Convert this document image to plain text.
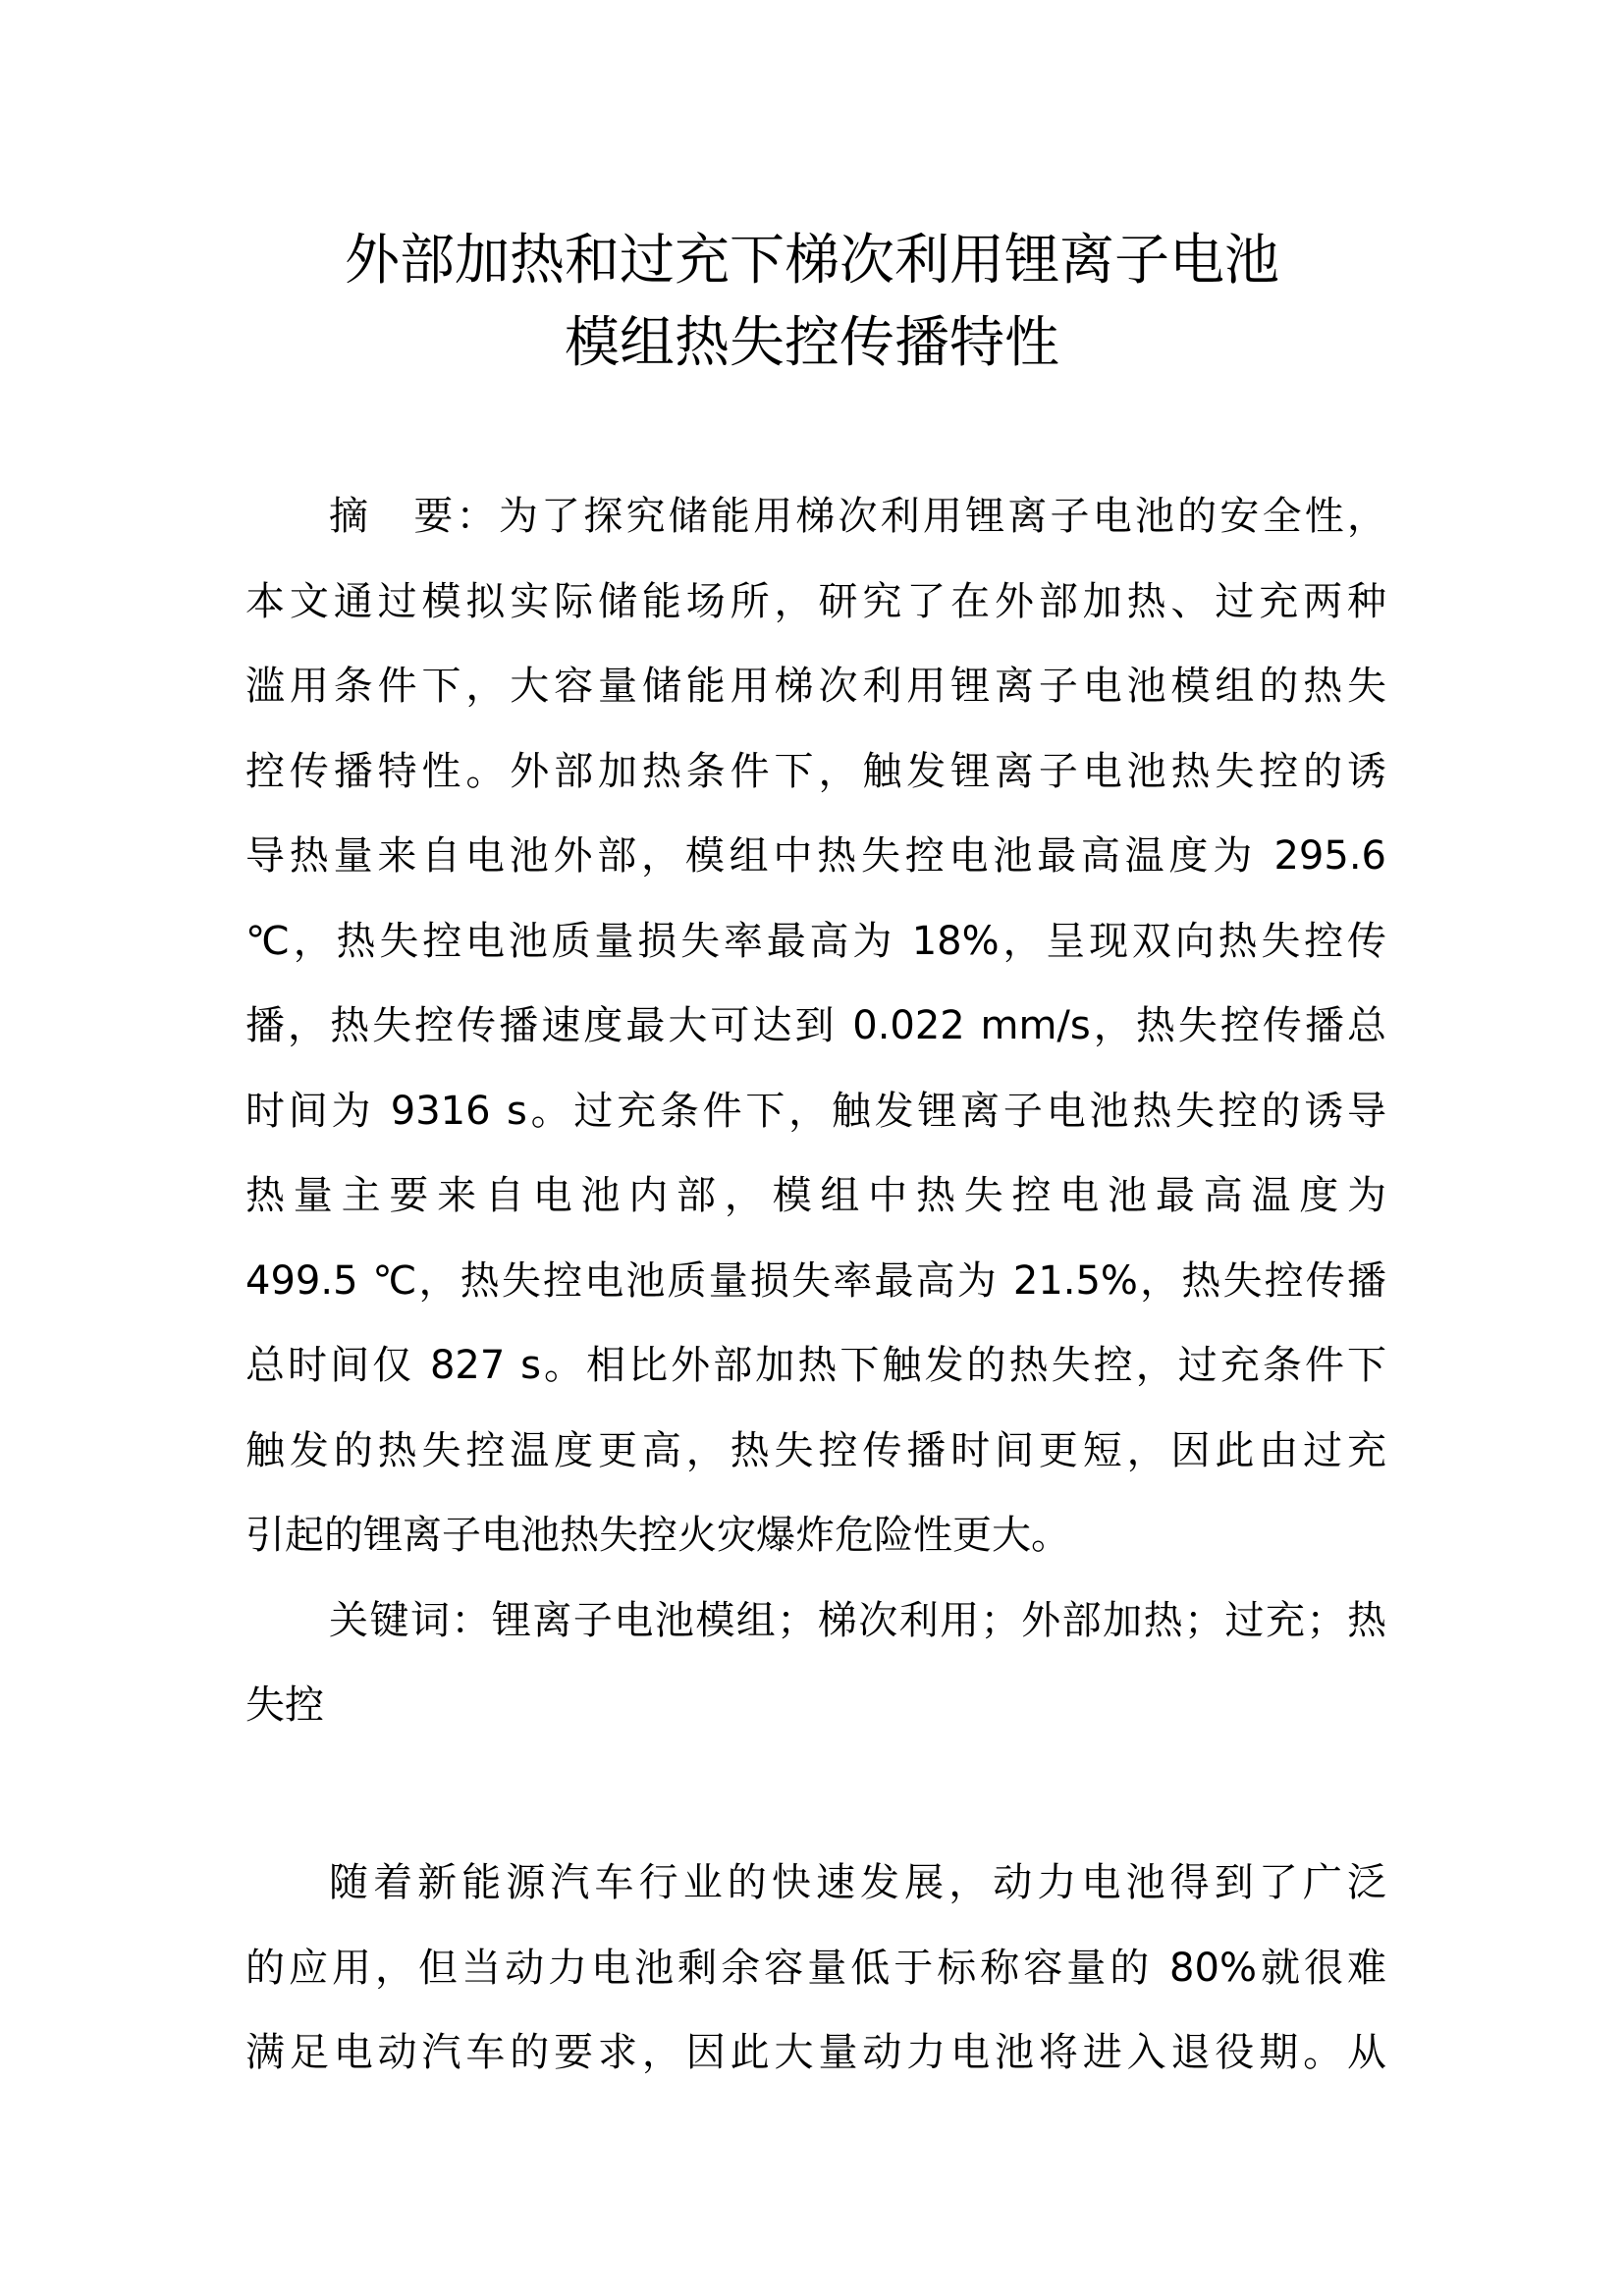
外部加热和过充下梯次利用锂离子电池
模组热失控传播特性
摘　要：为了探究储能用梯次利用锂离子电池的安全性，
本文通过模拟实际储能场所，研究了在外部加热、过充两种
滥用条件下，大容量储能用梯次利用锂离子电池模组的热失
控传播特性。外部加热条件下，触发锂离子电池热失控的诱
导热量来自电池外部，模组中热失控电池最高温度为 295.6
℃，热失控电池质量损失率最高为 18%，呈现双向热失控传
播，热失控传播速度最大可达到 0.022 mm/s，热失控传播总
时间为 9316 s。过充条件下，触发锂离子电池热失控的诱导
热量主要来自电池内部，模组中热失控电池最高温度为
499.5 ℃，热失控电池质量损失率最高为 21.5%，热失控传播
总时间仅 827 s。相比外部加热下触发的热失控，过充条件下
触发的热失控温度更高，热失控传播时间更短，因此由过充
引起的锂离子电池热失控火灾爆炸危险性更大。
关键词：锂离子电池模组；梯次利用；外部加热；过充；热
失控
随着新能源汽车行业的快速发展，动力电池得到了广泛
的应用，但当动力电池剩余容量低于标称容量的 80%就很难
满足电动汽车的要求，因此大量动力电池将进入退役期。从
